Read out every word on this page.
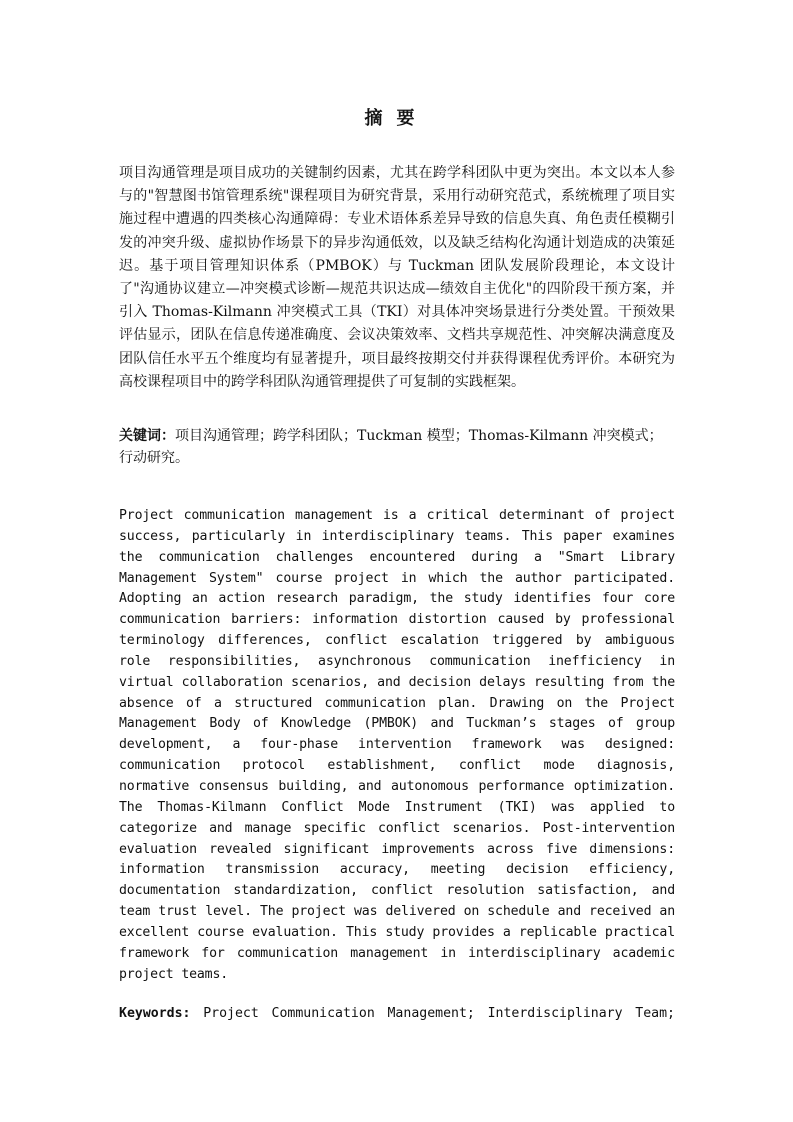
摘要
项目沟通管理是项目成功的关键制约因素，尤其在跨学科团队中更为突出。本文以本人参与的"智慧图书馆管理系统"课程项目为研究背景，采用行动研究范式，系统梳理了项目实施过程中遭遇的四类核心沟通障碍：专业术语体系差异导致的信息失真、角色责任模糊引发的冲突升级、虚拟协作场景下的异步沟通低效，以及缺乏结构化沟通计划造成的决策延迟。基于项目管理知识体系（PMBOK）与 Tuckman 团队发展阶段理论，本文设计了"沟通协议建立—冲突模式诊断—规范共识达成—绩效自主优化"的四阶段干预方案，并引入 Thomas-Kilmann 冲突模式工具（TKI）对具体冲突场景进行分类处置。干预效果评估显示，团队在信息传递准确度、会议决策效率、文档共享规范性、冲突解决满意度及团队信任水平五个维度均有显著提升，项目最终按期交付并获得课程优秀评价。本研究为高校课程项目中的跨学科团队沟通管理提供了可复制的实践框架。
关键词：项目沟通管理；跨学科团队；Tuckman 模型；Thomas-Kilmann 冲突模式；行动研究。
Project communication management is a critical determinant of project success, particularly in interdisciplinary teams. This paper examines the communication challenges encountered during a "Smart Library Management System" course project in which the author participated. Adopting an action research paradigm, the study identifies four core communication barriers: information distortion caused by professional terminology differences, conflict escalation triggered by ambiguous role responsibilities, asynchronous communication inefficiency in virtual collaboration scenarios, and decision delays resulting from the absence of a structured communication plan. Drawing on the Project Management Body of Knowledge (PMBOK) and Tuckman’s stages of group development, a four-phase intervention framework was designed: communication protocol establishment, conflict mode diagnosis, normative consensus building, and autonomous performance optimization. The Thomas-Kilmann Conflict Mode Instrument (TKI) was applied to categorize and manage specific conflict scenarios. Post-intervention evaluation revealed significant improvements across five dimensions: information transmission accuracy, meeting decision efficiency, documentation standardization, conflict resolution satisfaction, and team trust level. The project was delivered on schedule and received an excellent course evaluation. This study provides a replicable practical framework for communication management in interdisciplinary academic project teams.
Keywords: Project Communication Management; Interdisciplinary Team;
